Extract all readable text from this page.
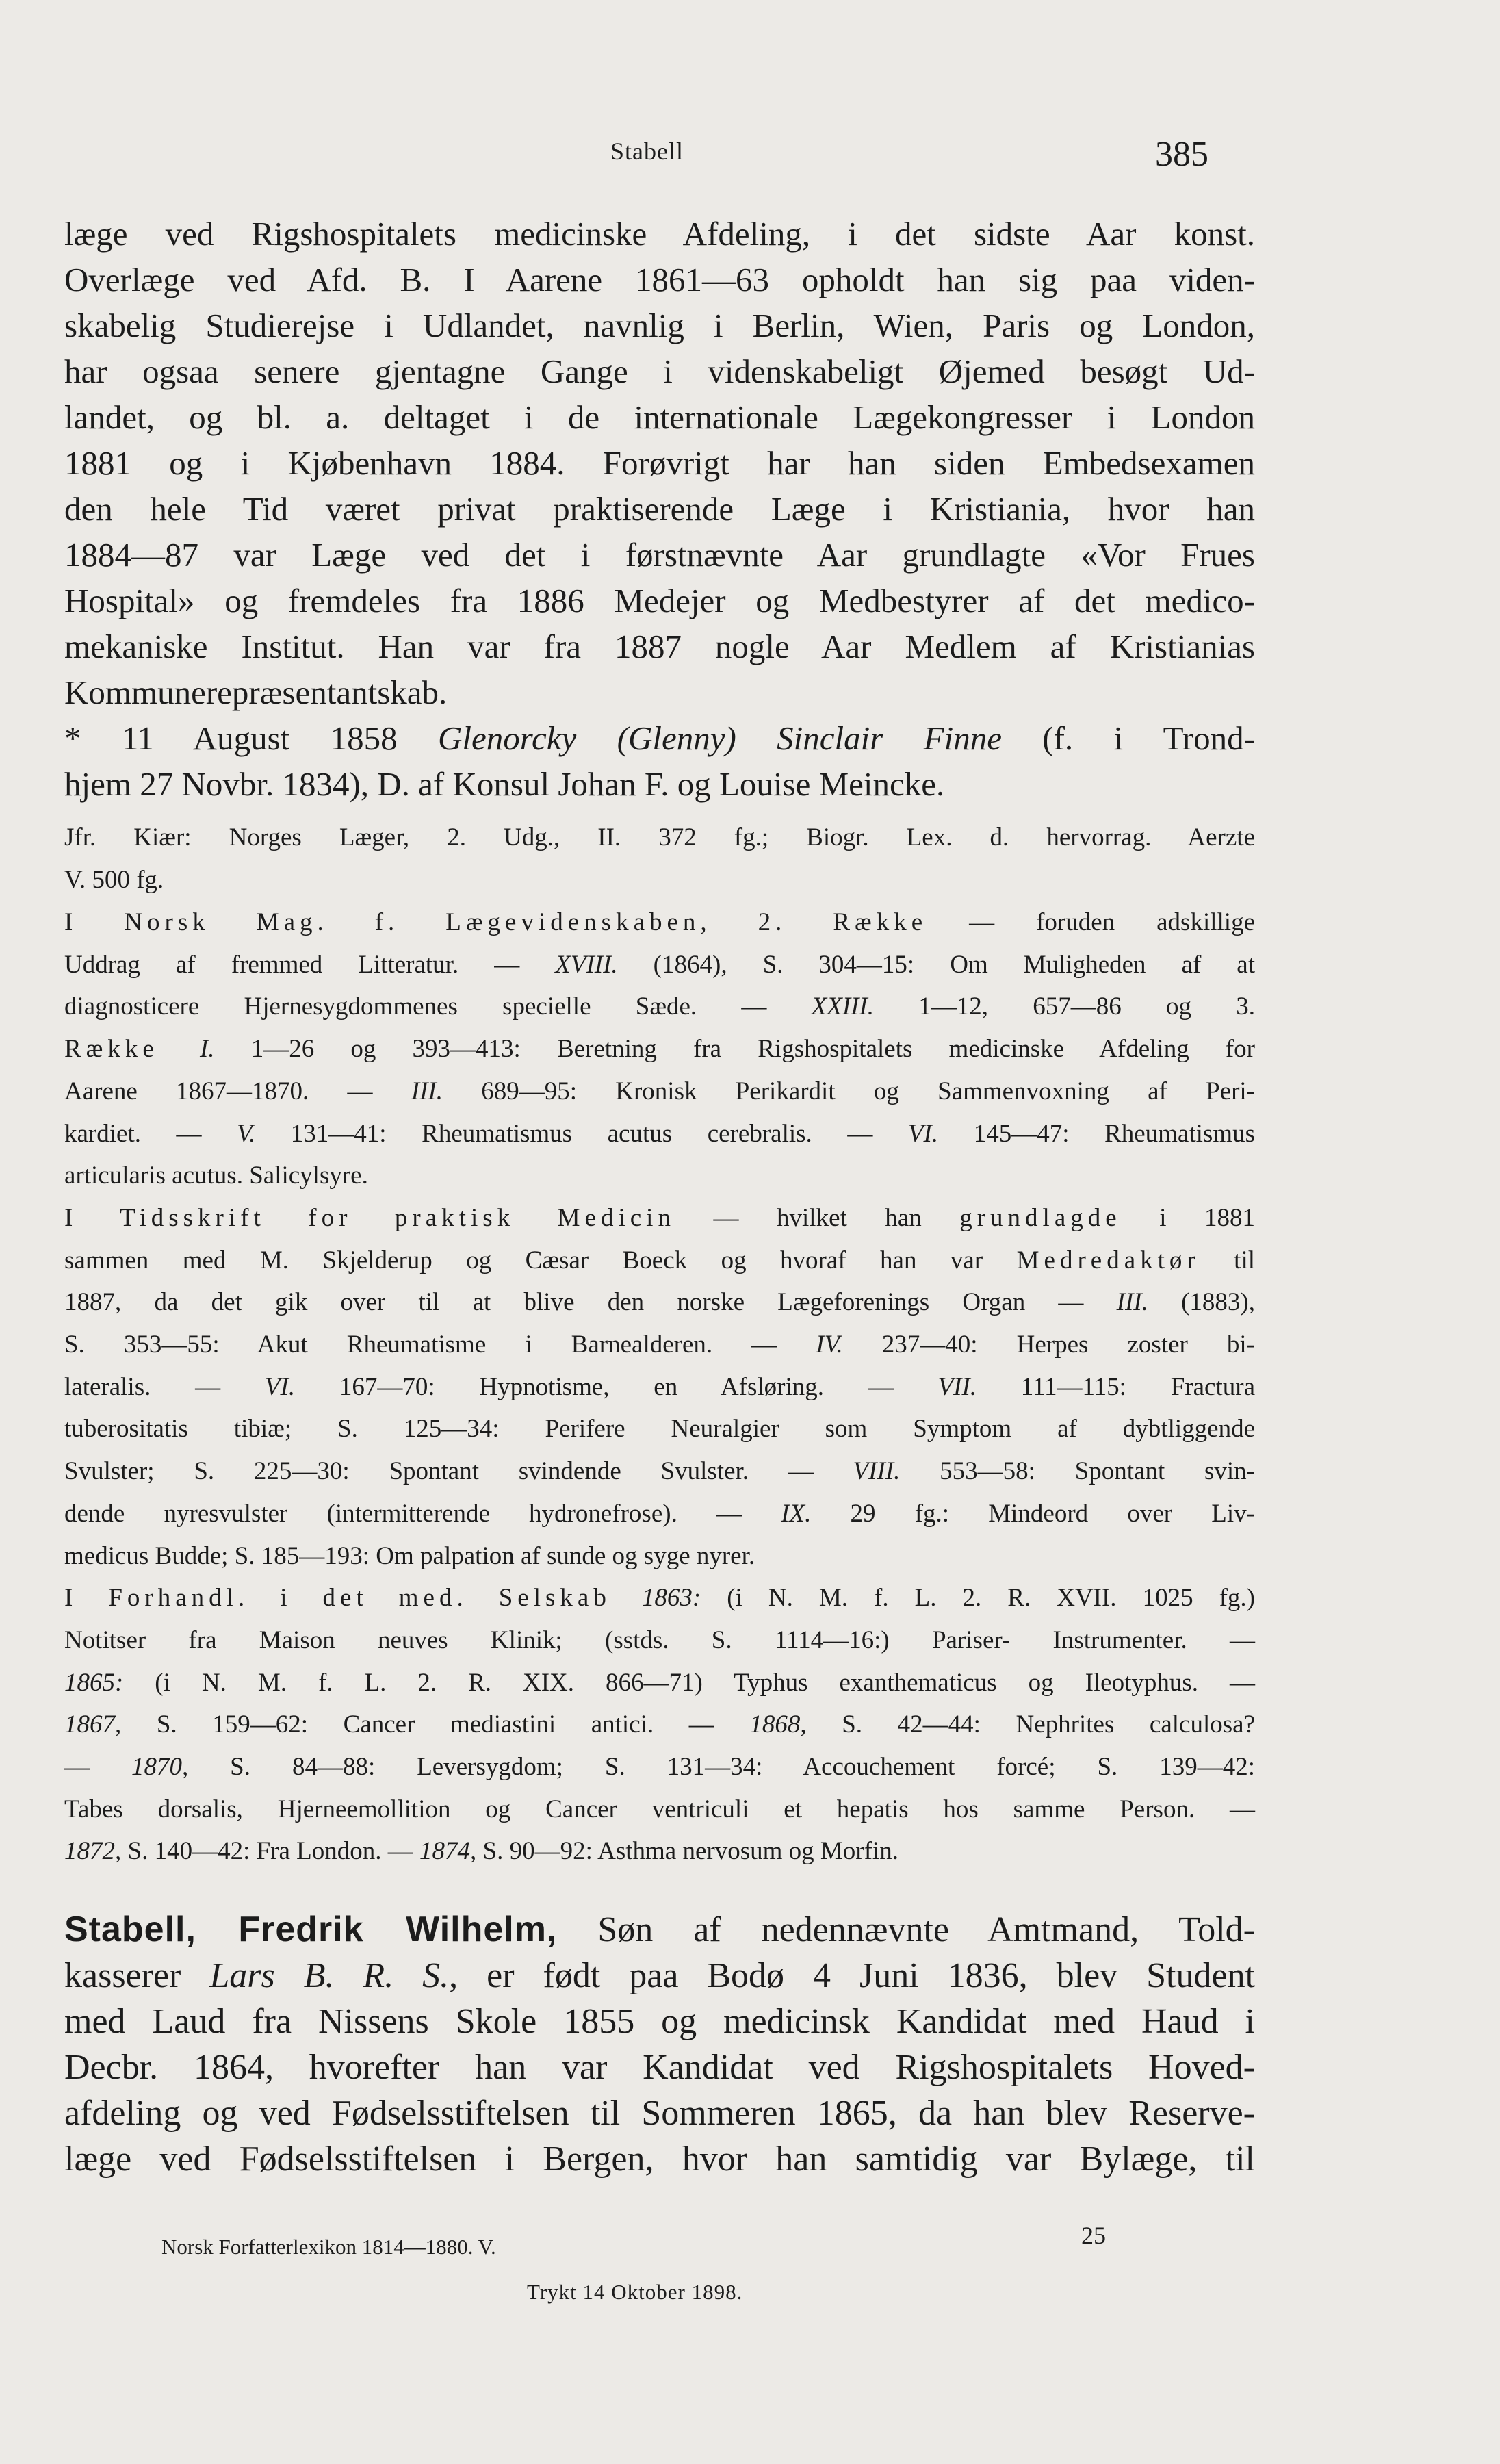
Stabell	385
læge ved Rigshospitalets medicinske Afdeling, i det sidste Aar konst.
Overlæge ved Afd. B. I Aarene 1861—63 opholdt han sig paa viden-
skabelig Studierejse i Udlandet, navnlig i Berlin, Wien, Paris og London,
har ogsaa senere gjentagne Gange i videnskabeligt Øjemed besøgt Ud-
landet, og bl. a. deltaget i de internationale Lægekongresser i London
1881 og i Kjøbenhavn 1884. Forøvrigt har han siden Embedsexamen
den hele Tid været privat praktiserende Læge i Kristiania, hvor han
1884—87 var Læge ved det i førstnævnte Aar grundlagte «Vor Frues
Hospital» og fremdeles fra 1886 Medejer og Medbestyrer af det medico-
mekaniske Institut. Han var fra 1887 nogle Aar Medlem af Kristianias
Kommunerepræsentantskab.
* 11 August 1858 Glenorcky (Glenny) Sinclair Finne (f. i Trond-
hjem 27 Novbr. 1834), D. af Konsul Johan F. og Louise Meincke.
Jfr. Kiær: Norges Læger, 2. Udg., II. 372 fg.; Biogr. Lex. d. hervorrag. Aerzte
V. 500 fg.
I Norsk Mag. f. Lægevidenskaben, 2. Række — foruden adskillige
Uddrag af fremmed Litteratur. — XVIII. (1864), S. 304—15: Om Muligheden af at
diagnosticere Hjernesygdommenes specielle Sæde. — XXIII. 1—12, 657—86 og 3.
Række I. 1—26 og 393—413: Beretning fra Rigshospitalets medicinske Afdeling for
Aarene 1867—1870. — III. 689—95: Kronisk Perikardit og Sammenvoxning af Peri-
kardiet. — V. 131—41: Rheumatismus acutus cerebralis. — VI. 145—47: Rheumatismus
articularis acutus. Salicylsyre.
I Tidsskrift for praktisk Medicin — hvilket han grundlagde i 1881
sammen med M. Skjelderup og Cæsar Boeck og hvoraf han var Medredaktør til
1887, da det gik over til at blive den norske Lægeforenings Organ — III. (1883),
S. 353—55: Akut Rheumatisme i Barnealderen. — IV. 237—40: Herpes zoster bi-
lateralis. — VI. 167—70: Hypnotisme, en Afsløring. — VII. 111—115: Fractura
tuberositatis tibiæ; S. 125—34: Perifere Neuralgier som Symptom af dybtliggende
Svulster; S. 225—30: Spontant svindende Svulster. — VIII. 553—58: Spontant svin-
dende nyresvulster (intermitterende hydronefrose). — IX. 29 fg.: Mindeord over Liv-
medicus Budde; S. 185—193: Om palpation af sunde og syge nyrer.
I Forhandl. i det med. Selskab 1863: (i N. M. f. L. 2. R. XVII. 1025 fg.)
Notitser fra Maison neuves Klinik; (sstds. S. 1114—16:) Pariser- Instrumenter. —
1865: (i N. M. f. L. 2. R. XIX. 866—71) Typhus exanthematicus og Ileotyphus. —
1867, S. 159—62: Cancer mediastini antici. — 1868, S. 42—44: Nephrites calculosa?
— 1870, S. 84—88: Leversygdom; S. 131—34: Accouchement forcé; S. 139—42:
Tabes dorsalis, Hjerneemollition og Cancer ventriculi et hepatis hos samme Person. —
1872, S. 140—42: Fra London. — 1874, S. 90—92: Asthma nervosum og Morfin.
Stabell, Fredrik Wilhelm, Søn af nedennævnte Amtmand, Told-
kasserer Lars B. R. S., er født paa Bodø 4 Juni 1836, blev Student
med Laud fra Nissens Skole 1855 og medicinsk Kandidat med Haud i
Decbr. 1864, hvorefter han var Kandidat ved Rigshospitalets Hoved-
afdeling og ved Fødselsstiftelsen til Sommeren 1865, da han blev Reserve-
læge ved Fødselsstiftelsen i Bergen, hvor han samtidig var Bylæge, til
Norsk Forfatterlexikon 1814—1880. V.	25
Trykt 14 Oktober 1898.
